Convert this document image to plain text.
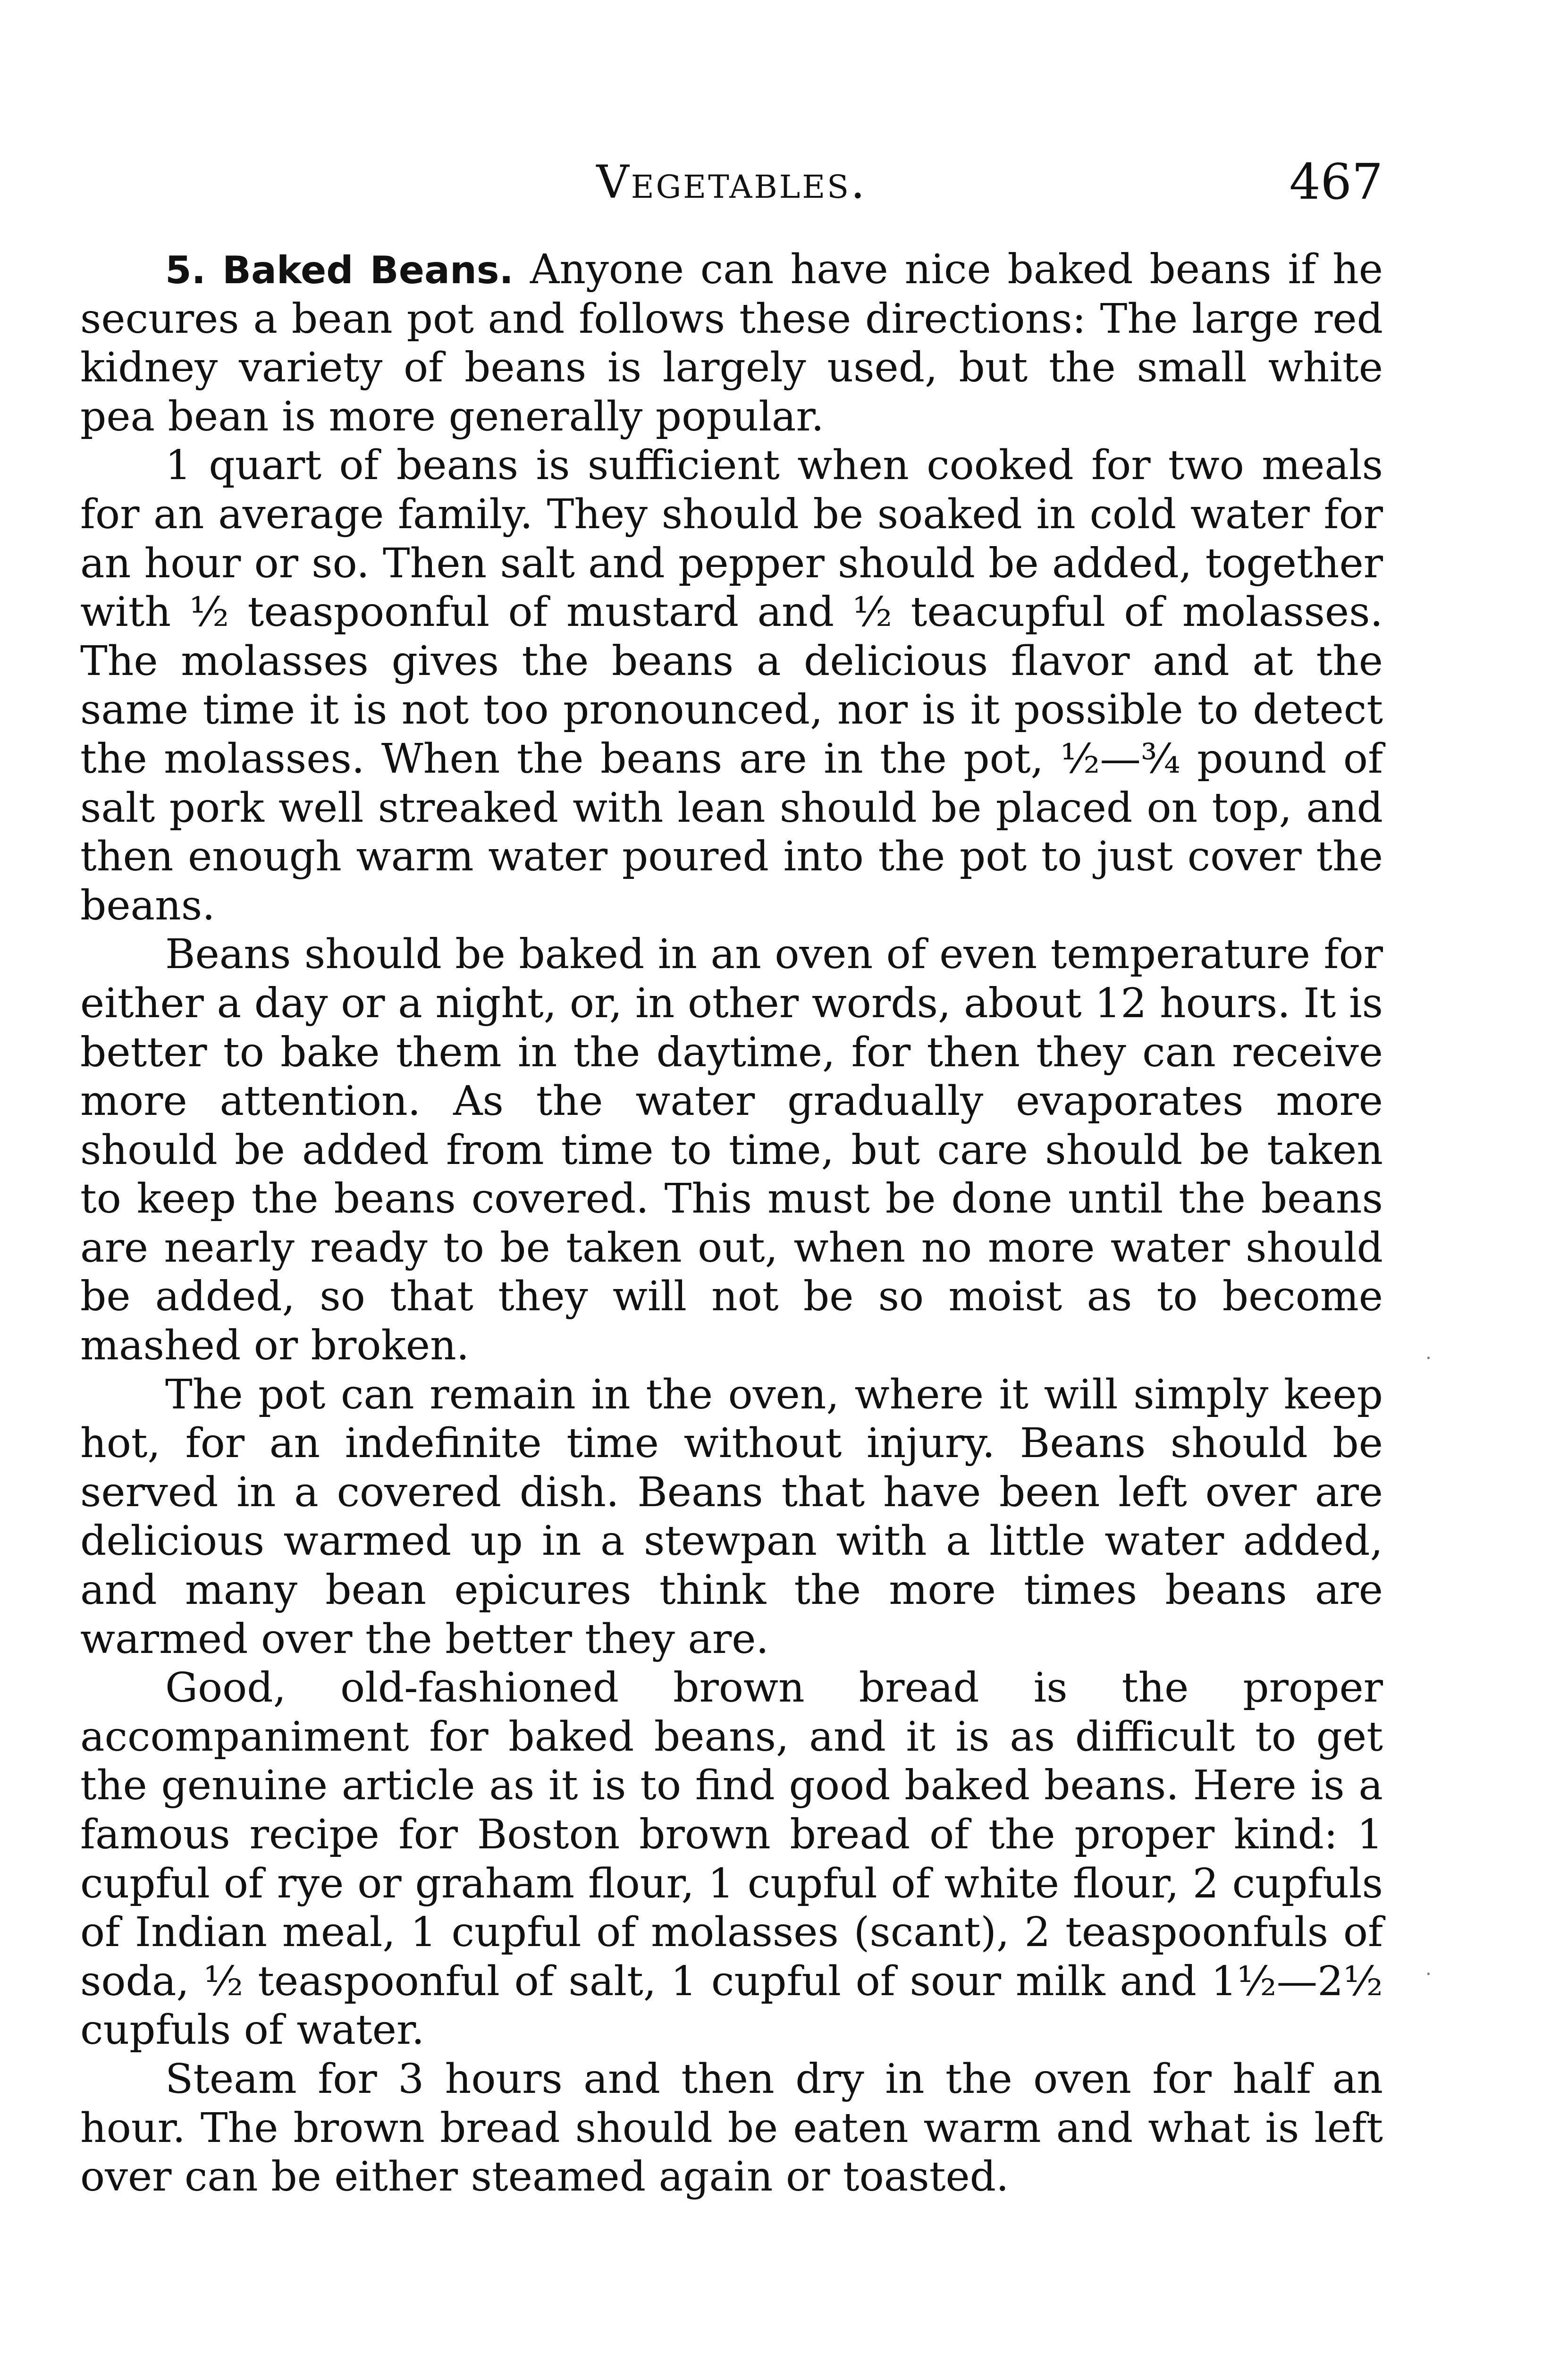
Vegetables.	467

5. Baked Beans. Anyone can have nice baked beans if he secures a bean pot and follows these directions: The large red kidney variety of beans is largely used, but the small white pea bean is more generally popular.

1 quart of beans is sufficient when cooked for two meals for an average family. They should be soaked in cold water for an hour or so. Then salt and pepper should be added, together with ½ teaspoonful of mustard and ½ teacupful of molasses. The molasses gives the beans a delicious flavor and at the same time it is not too pronounced, nor is it possible to detect the molasses. When the beans are in the pot, ½—¾ pound of salt pork well streaked with lean should be placed on top, and then enough warm water poured into the pot to just cover the beans.

Beans should be baked in an oven of even temperature for either a day or a night, or, in other words, about 12 hours. It is better to bake them in the daytime, for then they can receive more attention. As the water gradually evaporates more should be added from time to time, but care should be taken to keep the beans covered. This must be done until the beans are nearly ready to be taken out, when no more water should be added, so that they will not be so moist as to become mashed or broken.

The pot can remain in the oven, where it will simply keep hot, for an indefinite time without injury. Beans should be served in a covered dish. Beans that have been left over are delicious warmed up in a stewpan with a little water added, and many bean epicures think the more times beans are warmed over the better they are.

Good, old-fashioned brown bread is the proper accompaniment for baked beans, and it is as difficult to get the genuine article as it is to find good baked beans. Here is a famous recipe for Boston brown bread of the proper kind: 1 cupful of rye or graham flour, 1 cupful of white flour, 2 cupfuls of Indian meal, 1 cupful of molasses (scant), 2 teaspoonfuls of soda, ½ teaspoonful of salt, 1 cupful of sour milk and 1½—2½ cupfuls of water.

Steam for 3 hours and then dry in the oven for half an hour. The brown bread should be eaten warm and what is left over can be either steamed again or toasted.

·
·
